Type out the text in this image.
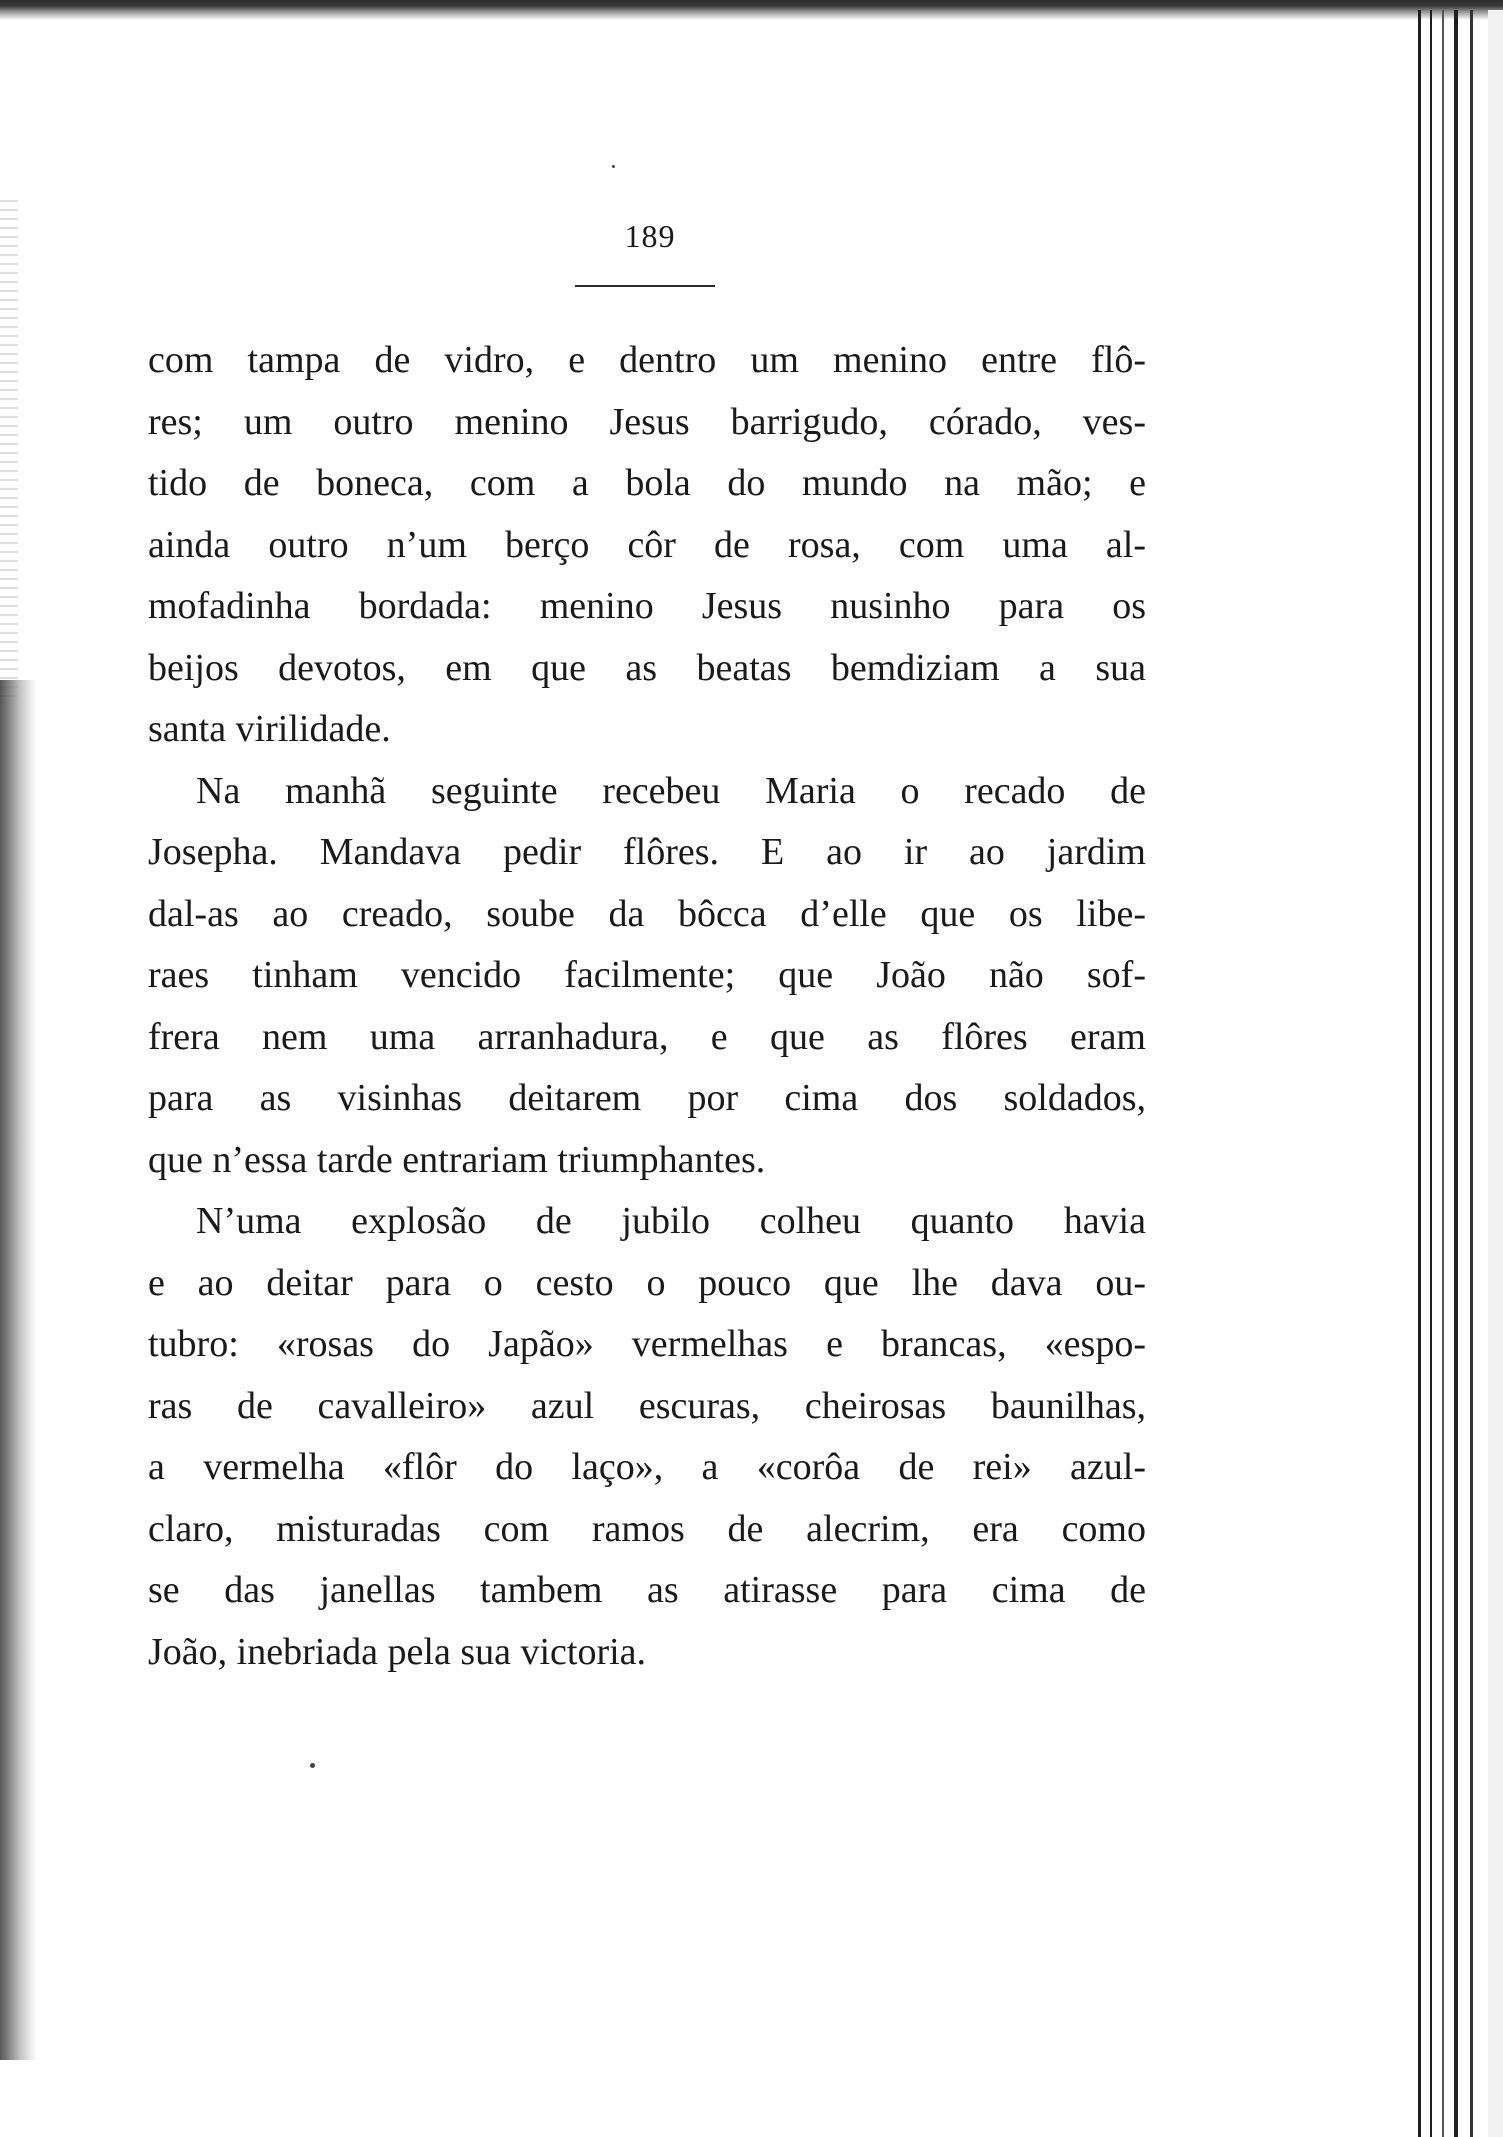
189
com tampa de vidro, e dentro um menino entre flô-
res; um outro menino Jesus barrigudo, córado, ves-
tido de boneca, com a bola do mundo na mão; e
ainda outro n’um berço côr de rosa, com uma al-
mofadinha bordada: menino Jesus nusinho para os
beijos devotos, em que as beatas bemdiziam a sua
santa virilidade.
Na manhã seguinte recebeu Maria o recado de
Josepha. Mandava pedir flôres. E ao ir ao jardim
dal-as ao creado, soube da bôcca d’elle que os libe-
raes tinham vencido facilmente; que João não sof-
frera nem uma arranhadura, e que as flôres eram
para as visinhas deitarem por cima dos soldados,
que n’essa tarde entrariam triumphantes.
N’uma explosão de jubilo colheu quanto havia
e ao deitar para o cesto o pouco que lhe dava ou-
tubro: «rosas do Japão» vermelhas e brancas, «espo-
ras de cavalleiro» azul escuras, cheirosas baunilhas,
a vermelha «flôr do laço», a «corôa de rei» azul-
claro, misturadas com ramos de alecrim, era como
se das janellas tambem as atirasse para cima de
João, inebriada pela sua victoria.
